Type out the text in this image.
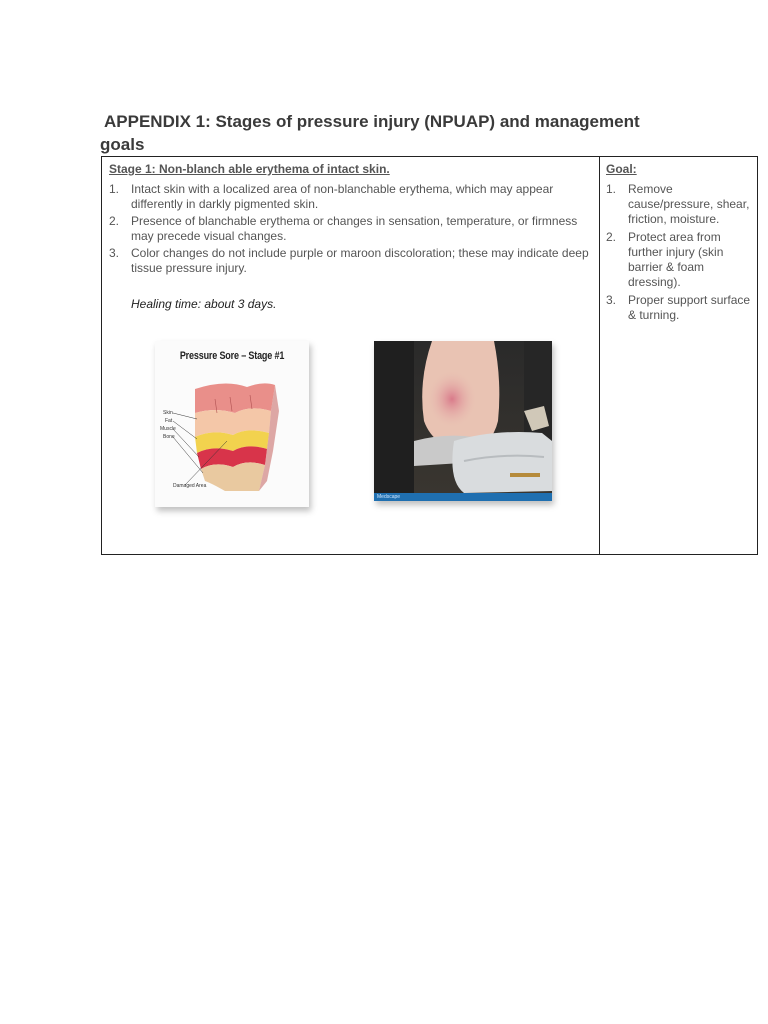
APPENDIX 1: Stages of pressure injury (NPUAP) and management
goals

Stage 1: Non-blanch able erythema of intact skin.

1. Intact skin with a localized area of non-blanchable erythema, which may appear differently in darkly pigmented skin.
2. Presence of blanchable erythema or changes in sensation, temperature, or firmness may precede visual changes.
3. Color changes do not include purple or maroon discoloration; these may indicate deep tissue pressure injury.

Healing time: about 3 days.

Pressure Sore – Stage #1
Skin
Fat
Muscle
Bone
Damaged Area
Medscape

Goal:

1. Remove cause/pressure, shear, friction, moisture.
2. Protect area from further injury (skin barrier & foam dressing).
3. Proper support surface & turning.
